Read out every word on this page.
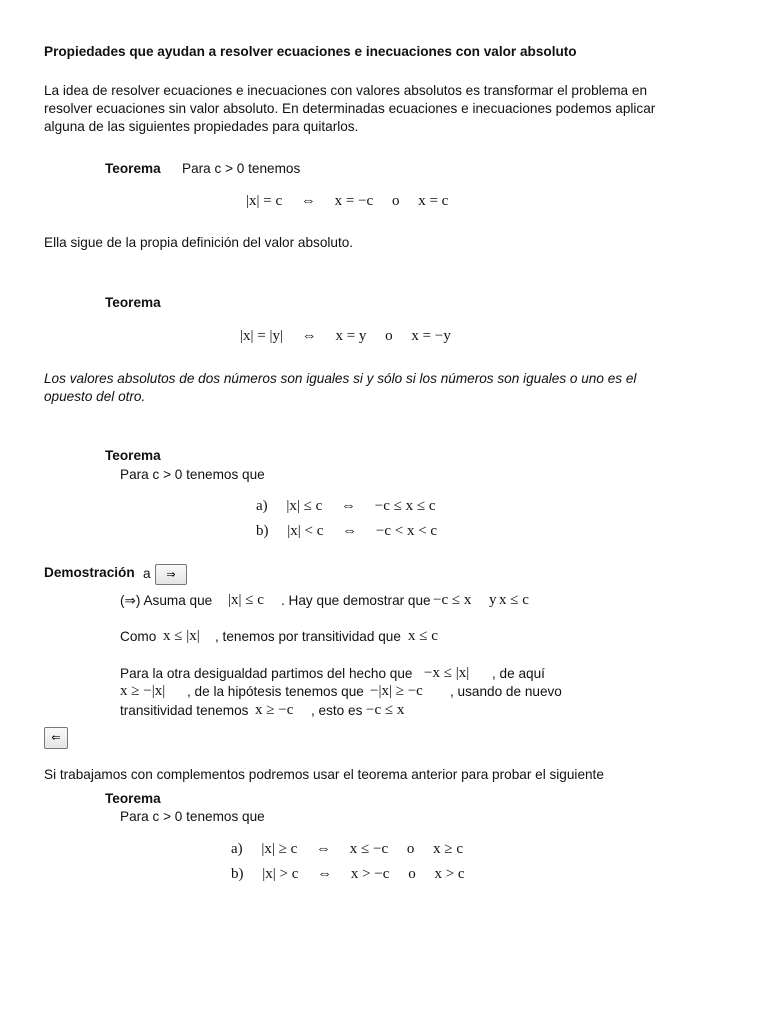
Propiedades que ayudan a resolver ecuaciones e inecuaciones con valor absoluto
La idea de resolver ecuaciones e inecuaciones con valores absolutos es transformar el problema en resolver ecuaciones sin valor absoluto. En determinadas ecuaciones e inecuaciones podemos aplicar alguna de las siguientes propiedades para quitarlos.
Teorema Para c > 0 tenemos
|x| = c     ⇔     x = −c     o     x = c
Ella sigue de la propia definición del valor absoluto.
Teorema
|x| = |y|     ⇔     x = y     o     x = −y
Los valores absolutos de dos números son iguales si y sólo si los números son iguales o uno es el opuesto del otro.
Teorema
Para c > 0 tenemos que
a)     |x| ≤ c     ⇔     −c ≤ x ≤ c
b)     |x| < c     ⇔     −c < x < c
Demostración a	⇒
(⇒) Asuma que |x| ≤ c . Hay que demostrar que −c ≤ x y x ≤ c
Como x ≤ |x| , tenemos por transitividad que x ≤ c
Para la otra desigualdad partimos del hecho que −x ≤ |x| , de aquí
x ≥ −|x| , de la hipótesis tenemos que −|x| ≥ −c , usando de nuevo
transitividad tenemos x ≥ −c , esto es −c ≤ x
⇐
Si trabajamos con complementos podremos usar el teorema anterior para probar el siguiente
Teorema
Para c > 0 tenemos que
a)     |x| ≥ c     ⇔     x ≤ −c     o     x ≥ c
b)     |x| > c     ⇔     x > −c     o     x > c
